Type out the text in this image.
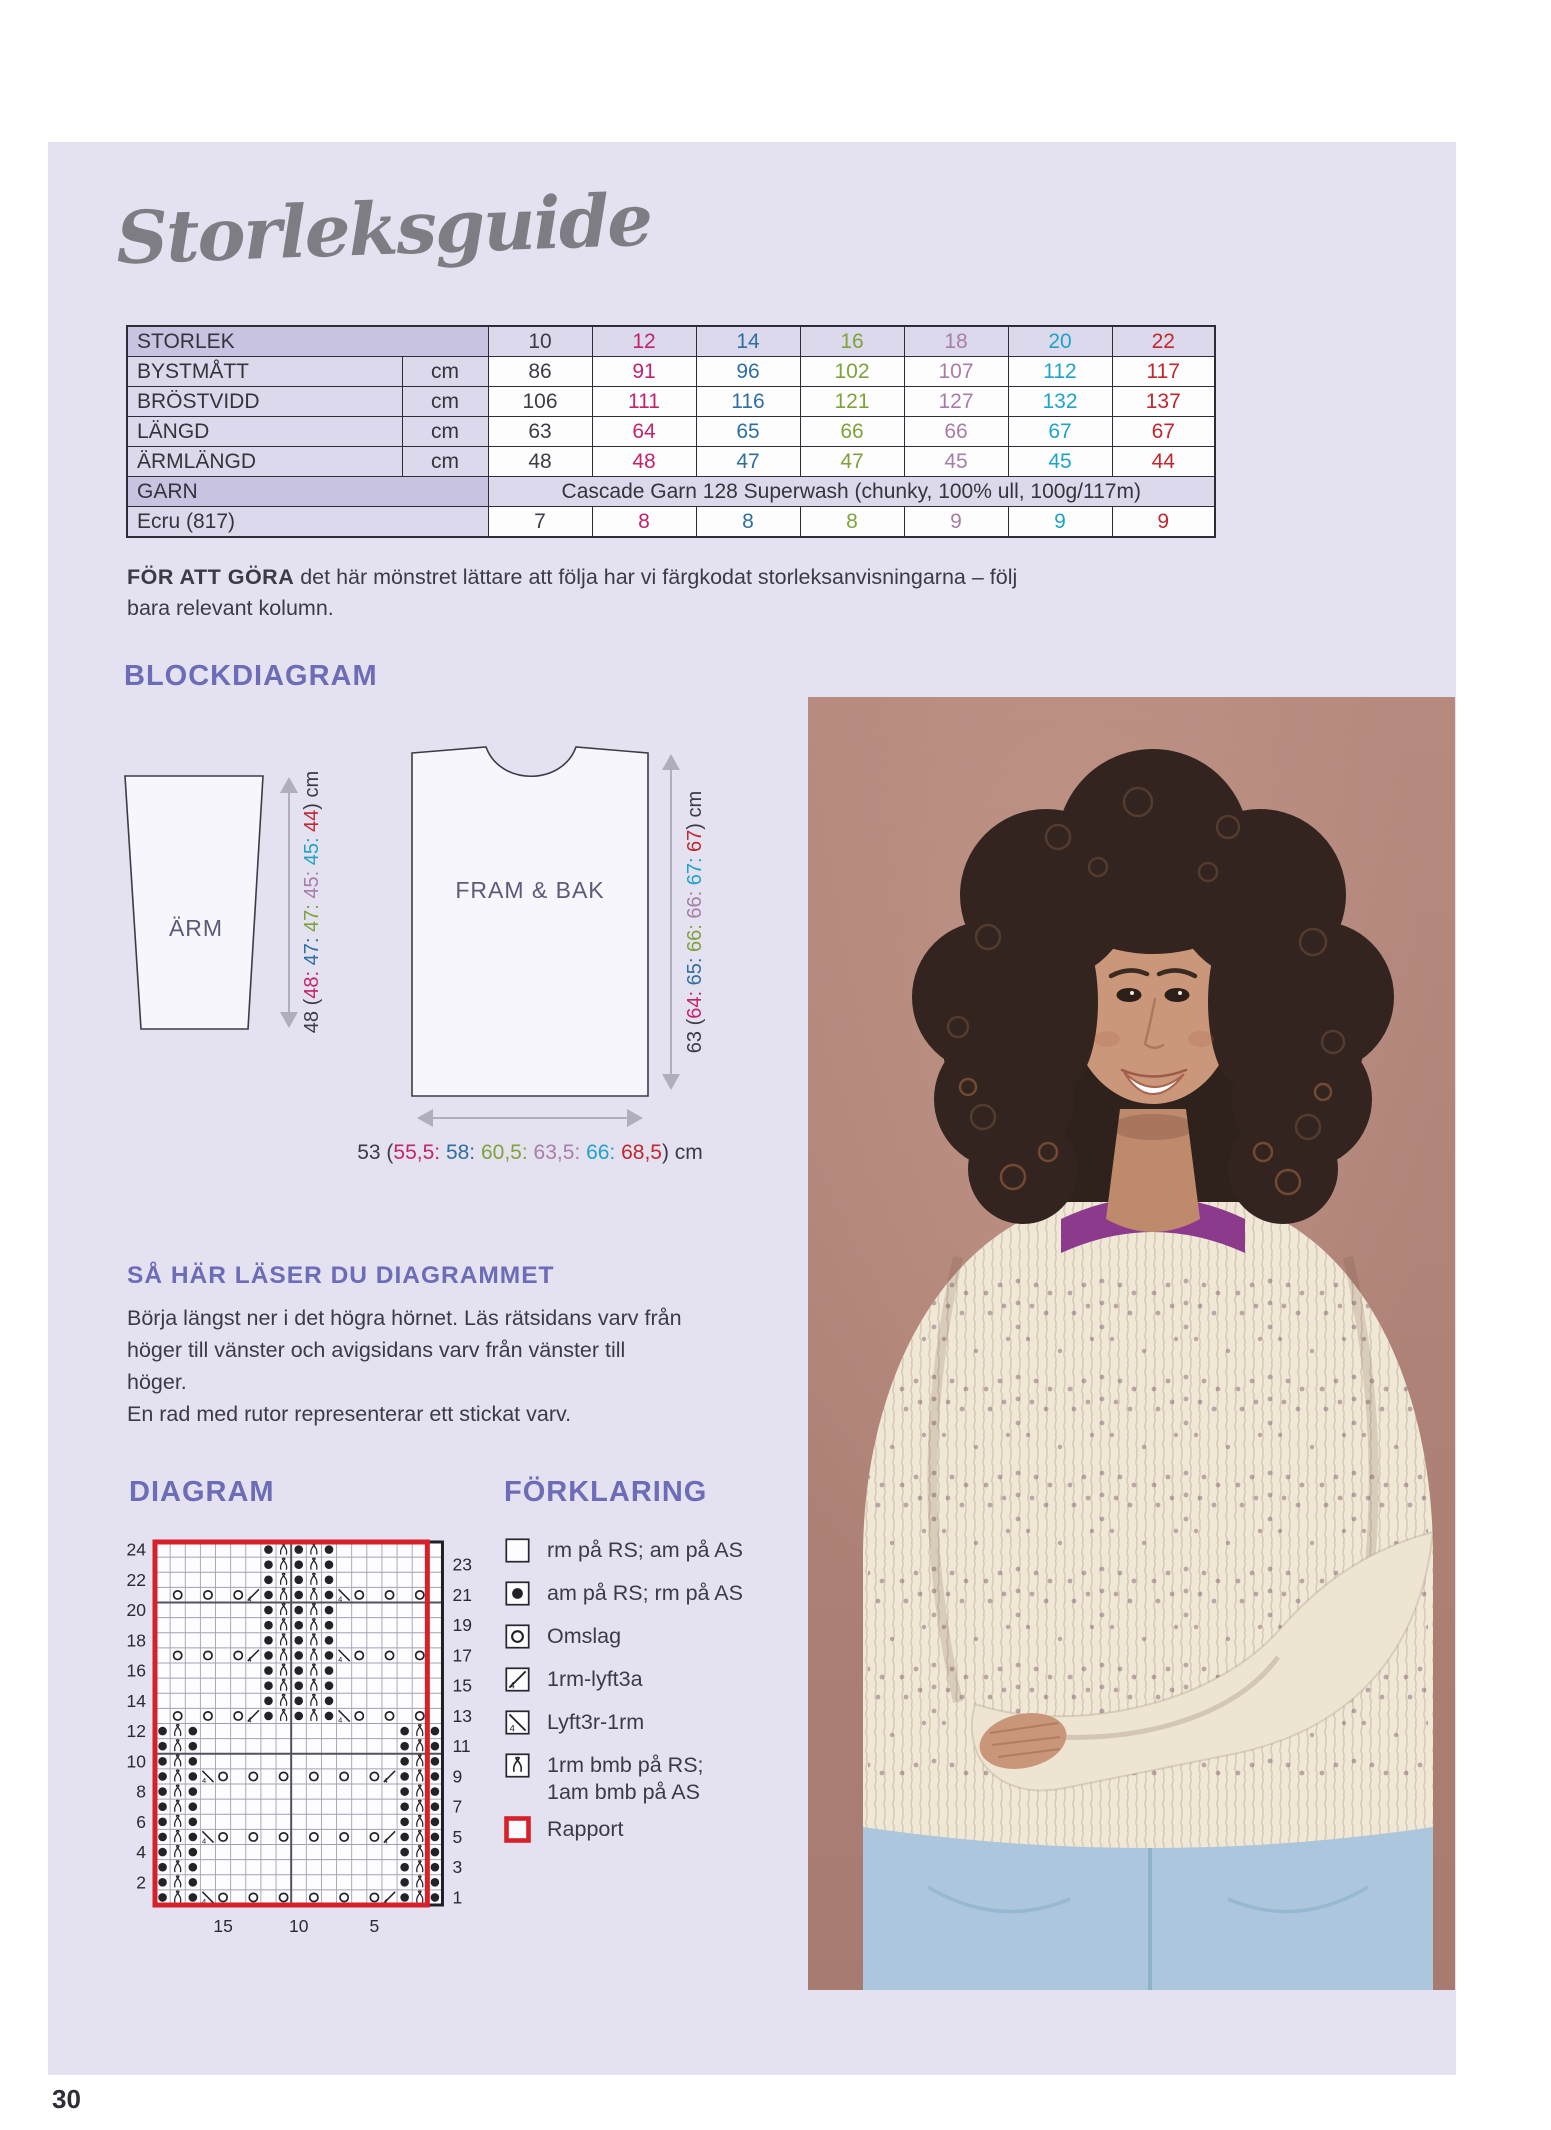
Storleksguide
STORLEK		10	12	14	16	18	20	22
BYSTMÅTT	cm	86	91	96	102	107	112	117
BRÖSTVIDD	cm	106	111	116	121	127	132	137
LÄNGD	cm	63	64	65	66	66	67	67
ÄRMLÄNGD	cm	48	48	47	47	45	45	44
GARN		Cascade Garn 128 Superwash (chunky, 100% ull, 100g/117m)						
Ecru (817)		7	8	8	8	9	9	9

FÖR ATT GÖRA det här mönstret lättare att följa har vi färgkodat storleksanvisningarna – följ
bara relevant kolumn.

BLOCKDIAGRAM
ÄRM
48 (48: 47: 47: 45: 45: 44) cm
FRAM & BAK
63 (64: 65: 66: 66: 67: 67) cm
53 (55,5: 58: 60,5: 63,5: 66: 68,5) cm
SÅ HÄR LÄSER DU DIAGRAMMET
Börja längst ner i det högra hörnet. Läs rätsidans varv från
höger till vänster och avigsidans varv från vänster till höger.
En rad med rutor representerar ett stickat varv.
DIAGRAM	FÖRKLARING
4	4
4	4
4	4
4	4
4	4
4	4
24
22
20
18
16
14
12
10
8
6
4
2
23
21
19
17
15
13
11
9
7
5
3
1
15	10	5
rm på RS; am på AS
am på RS; rm på AS
Omslag
4 1rm-lyft3a
4 Lyft3r-1rm
1rm bmb på RS;
1am bmb på AS
Rapport
30
